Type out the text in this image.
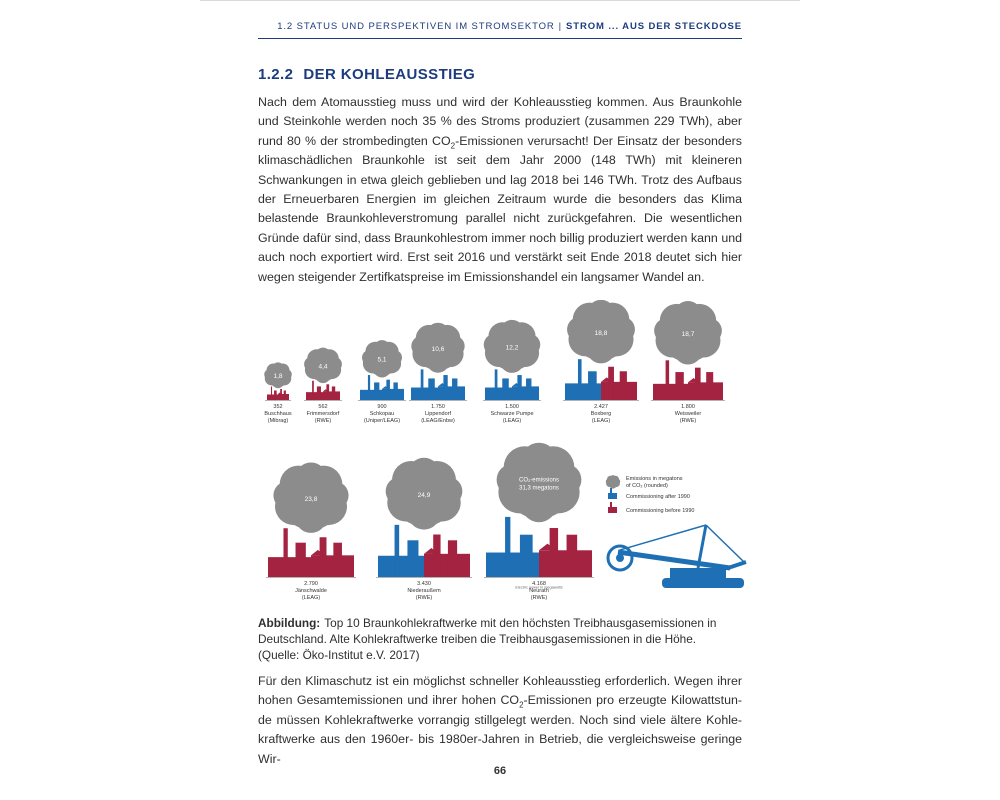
1.2 STATUS UND PERSPEKTIVEN IM STROMSEKTOR | STROM ... AUS DER STECKDOSE
1.2.2 DER KOHLEAUSSTIEG

Nach dem Atomausstieg muss und wird der Kohleausstieg kommen. Aus Braunkohle und Steinkohle werden noch 35 % des Stroms produziert (zusammen 229 TWh), aber rund 80 % der strombedingten $CO_2$-Emissionen verursacht! Der Einsatz der besonders klimaschädlichen Braunkohle ist seit dem Jahr 2000 (148 TWh) mit kleineren Schwankungen in etwa gleich geblieben und lag 2018 bei 146 TWh. Trotz des Aufbaus der Erneuerbaren Energien im gleichen Zeitraum wurde die besonders das Klima belastende Braunkohleverstromung parallel nicht zurückgefahren. Die wesentlichen Gründe dafür sind, dass Braunkohlestrom immer noch billig produziert werden kann und auch noch exportiert wird. Erst seit 2016 und verstärkt seit Ende 2018 deutet sich hier wegen steigender Zertifkatspreise im Emissionshandel ein langsamer Wandel an.

1,8
352
Buschhaus
(Mibrag)
4,4
562
Frimmersdorf
(RWE)
5,1
900
Schkopau
(Uniper/LEAG)
10,6
1.750
Lippendorf
(LEAG/Enbw)
12,2
1.500
Schwarze Pumpe
(LEAG)
18,8
2.427
Boxberg
(LEAG)
18,7
1.800
Weisweiler
(RWE)
23,8
2.790
Jänschwalde
(LEAG)
24,9
3.430
Niederaußem
(RWE)
CO₂-emissions
31,3 megatons
4.168
Neurath
(RWE)
Electric power in megawatts
Emissions in megatons
of CO₂ (rounded)
Commissioning after 1990
Commissioning before 1990
Abbildung: Top 10 Braunkohlekraftwerke mit den höchsten Treibhausgasemissionen in Deutschland. Alte Kohlekraftwerke treiben die Treibhausgasemissionen in die Höhe.
(Quelle: Öko-Institut e.V. 2017)

Für den Klimaschutz ist ein möglichst schneller Kohleausstieg erforderlich. Wegen ihrer hohen Gesamtemissionen und ihrer hohen $CO_2$-Emissionen pro erzeugte Kilowattstunde müssen Kohlekraftwerke vorrangig stillgelegt werden. Noch sind viele ältere Kohlekraftwerke aus den 1960er- bis 1980er-Jahren in Betrieb, die vergleichsweise geringe Wir-

66
